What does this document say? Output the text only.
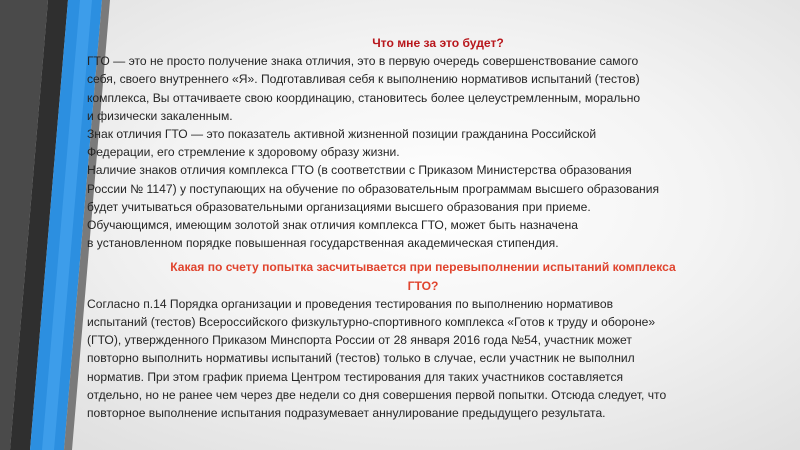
Что мне за это будет?

ГТО — это не просто получение знака отличия, это в первую очередь совершенствование самого

себя, своего внутреннего «Я». Подготавливая себя к выполнению нормативов испытаний (тестов)

комплекса, Вы оттачиваете свою координацию, становитесь более целеустремленным, морально

и физически закаленным.

Знак отличия ГТО — это показатель активной жизненной позиции гражданина Российской

Федерации, его стремление к здоровому образу жизни.

Наличие знаков отличия комплекса ГТО (в соответствии с Приказом Министерства образования

России № 1147) у поступающих на обучение по образовательным программам высшего образования

будет учитываться образовательными организациями высшего образования при приеме.

Обучающимся, имеющим золотой знак отличия комплекса ГТО, может быть назначена

в установленном порядке повышенная государственная академическая стипендия.

Какая по счету попытка засчитывается при перевыполнении испытаний комплекса

ГТО?

Согласно п.14 Порядка организации и проведения тестирования по выполнению нормативов

испытаний (тестов) Всероссийского физкультурно-спортивного комплекса «Готов к труду и обороне»

(ГТО), утвержденного Приказом Минспорта России от 28 января 2016 года №54, участник может

повторно выполнить нормативы испытаний (тестов) только в случае, если участник не выполнил

норматив. При этом график приема Центром тестирования для таких участников составляется

отдельно, но не ранее чем через две недели со дня совершения первой попытки. Отсюда следует, что

повторное выполнение испытания подразумевает аннулирование предыдущего результата.
